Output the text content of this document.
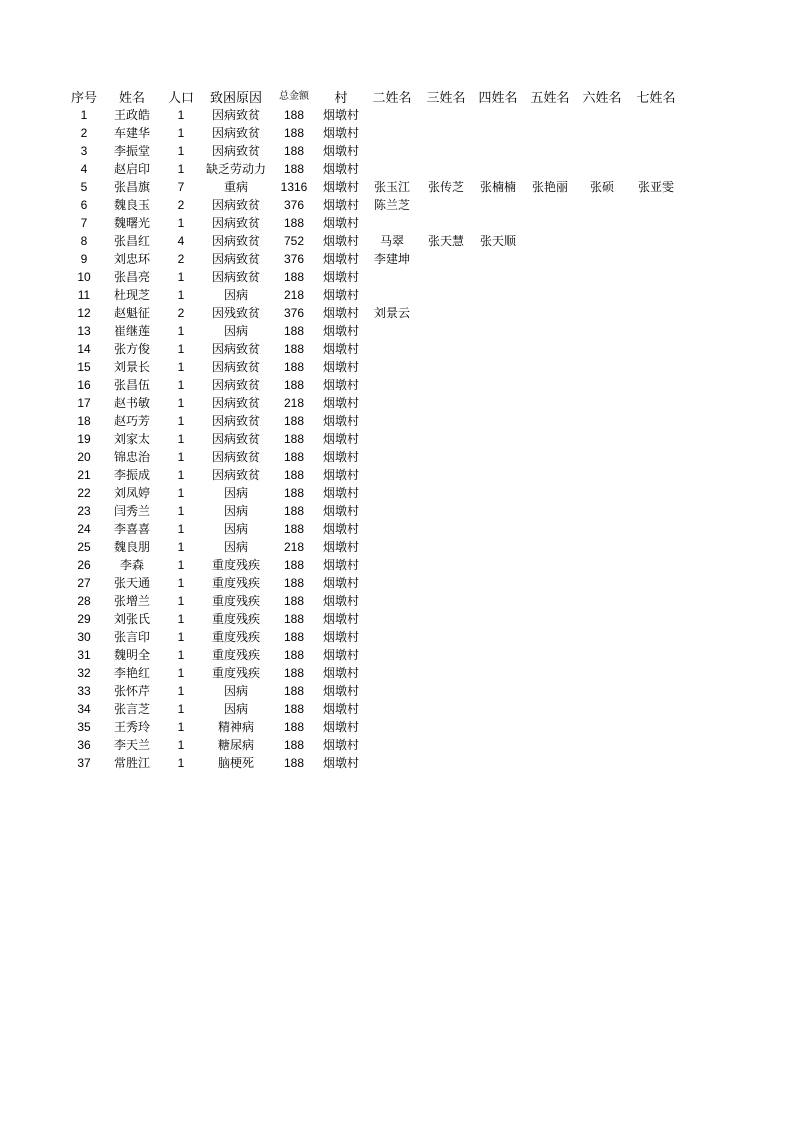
序号	姓名	人口	致困原因	总金额	村	二姓名	三姓名	四姓名	五姓名	六姓名	七姓名
1	王政皓	1	因病致贫	188	烟墩村						
2	车建华	1	因病致贫	188	烟墩村						
3	李振堂	1	因病致贫	188	烟墩村						
4	赵启印	1	缺乏劳动力	188	烟墩村						
5	张昌旗	7	重病	1316	烟墩村	张玉江	张传芝	张楠楠	张艳丽	张硕	张亚雯
6	魏良玉	2	因病致贫	376	烟墩村	陈兰芝					
7	魏曙光	1	因病致贫	188	烟墩村						
8	张昌红	4	因病致贫	752	烟墩村	马翠	张天慧	张天顺			
9	刘忠环	2	因病致贫	376	烟墩村	李建坤					
10	张昌亮	1	因病致贫	188	烟墩村						
11	杜现芝	1	因病	218	烟墩村						
12	赵魁征	2	因残致贫	376	烟墩村	刘景云					
13	崔继莲	1	因病	188	烟墩村						
14	张方俊	1	因病致贫	188	烟墩村						
15	刘景长	1	因病致贫	188	烟墩村						
16	张昌伍	1	因病致贫	188	烟墩村						
17	赵书敏	1	因病致贫	218	烟墩村						
18	赵巧芳	1	因病致贫	188	烟墩村						
19	刘家太	1	因病致贫	188	烟墩村						
20	锦忠治	1	因病致贫	188	烟墩村						
21	李振成	1	因病致贫	188	烟墩村						
22	刘凤婷	1	因病	188	烟墩村						
23	闫秀兰	1	因病	188	烟墩村						
24	李喜喜	1	因病	188	烟墩村						
25	魏良朋	1	因病	218	烟墩村						
26	李森	1	重度残疾	188	烟墩村						
27	张天通	1	重度残疾	188	烟墩村						
28	张增兰	1	重度残疾	188	烟墩村						
29	刘张氏	1	重度残疾	188	烟墩村						
30	张言印	1	重度残疾	188	烟墩村						
31	魏明全	1	重度残疾	188	烟墩村						
32	李艳红	1	重度残疾	188	烟墩村						
33	张怀芹	1	因病	188	烟墩村						
34	张言芝	1	因病	188	烟墩村						
35	王秀玲	1	精神病	188	烟墩村						
36	李天兰	1	糖尿病	188	烟墩村						
37	常胜江	1	脑梗死	188	烟墩村						
